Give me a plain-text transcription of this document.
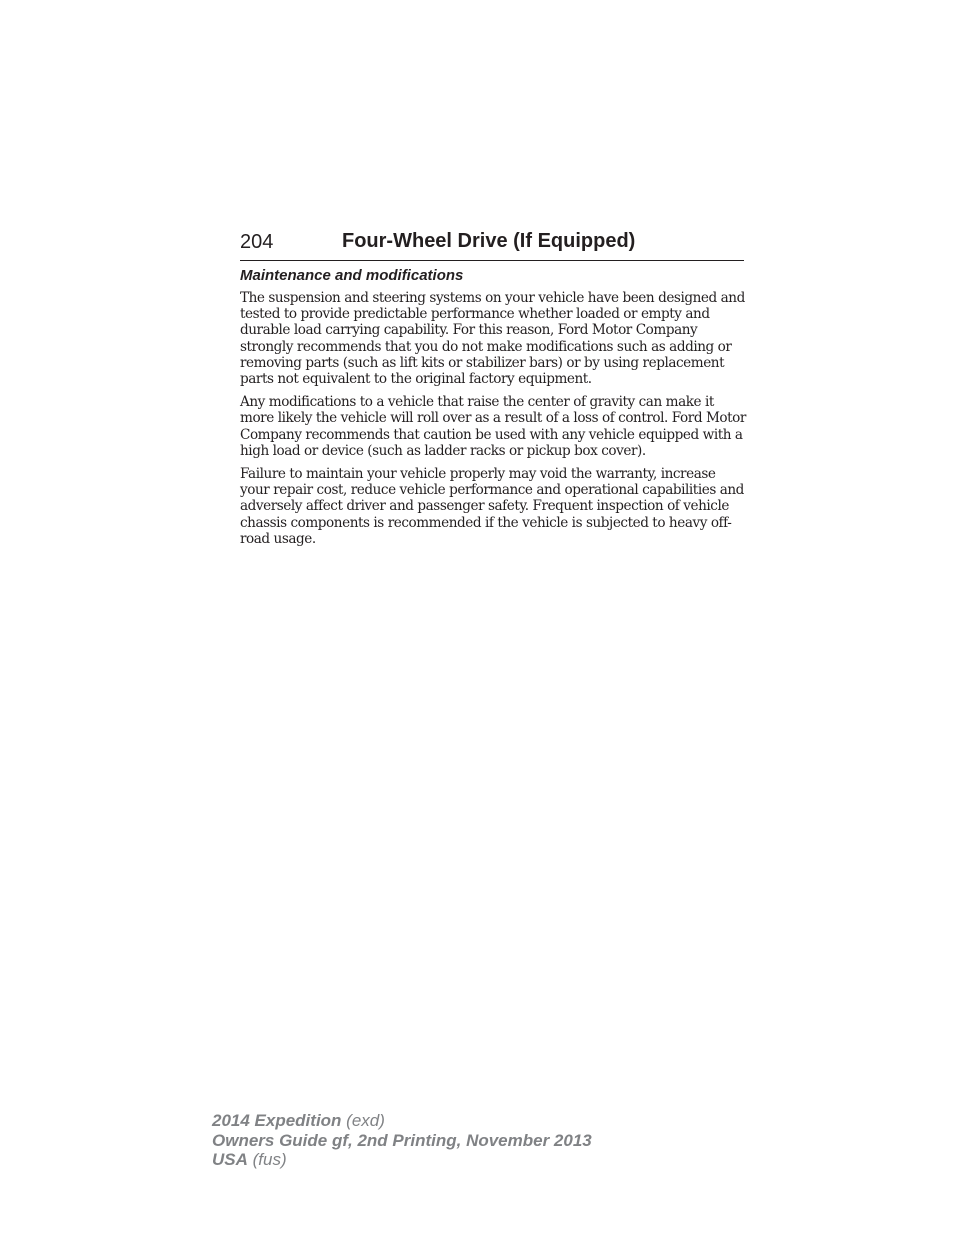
204	Four-Wheel Drive (If Equipped)
Maintenance and modifications

The suspension and steering systems on your vehicle have been designed and tested to provide predictable performance whether loaded or empty and durable load carrying capability. For this reason, Ford Motor Company strongly recommends that you do not make modifications such as adding or removing parts (such as lift kits or stabilizer bars) or by using replacement parts not equivalent to the original factory equipment.

Any modifications to a vehicle that raise the center of gravity can make it more likely the vehicle will roll over as a result of a loss of control. Ford Motor Company recommends that caution be used with any vehicle equipped with a high load or device (such as ladder racks or pickup box cover).

Failure to maintain your vehicle properly may void the warranty, increase your repair cost, reduce vehicle performance and operational capabilities and adversely affect driver and passenger safety. Frequent inspection of vehicle chassis components is recommended if the vehicle is subjected to heavy off-road usage.

2014 Expedition (exd)
Owners Guide gf, 2nd Printing, November 2013
USA (fus)
